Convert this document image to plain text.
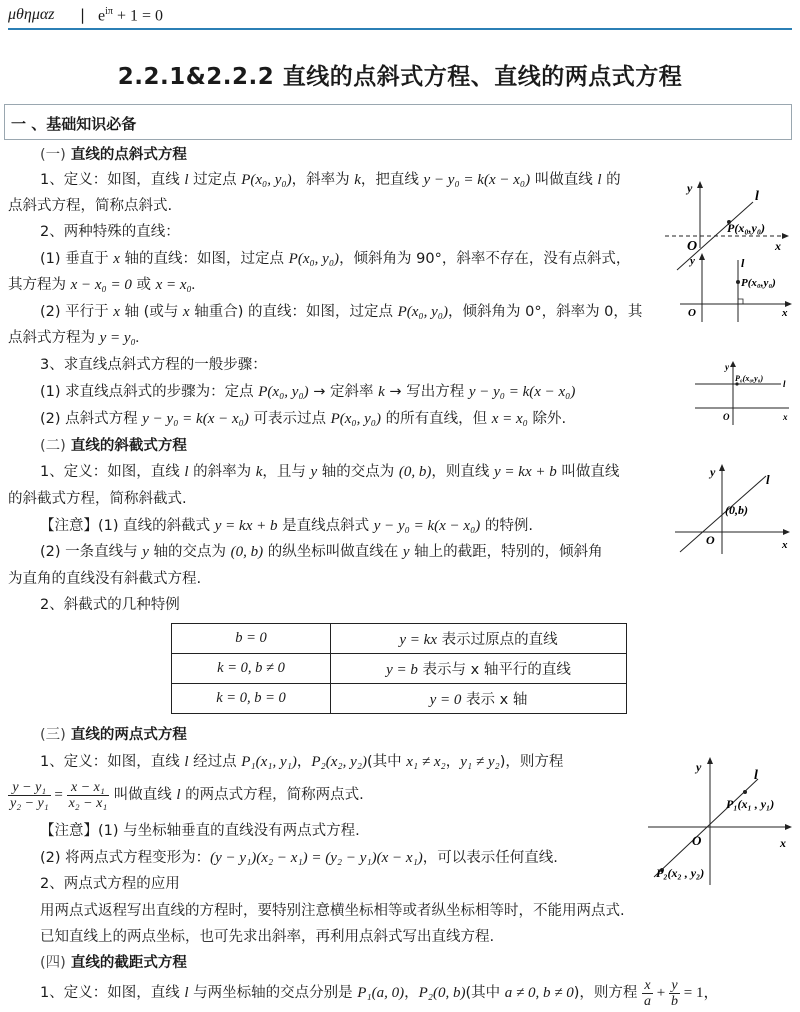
μθημαz | $e^{i\pi} + 1 = 0$
2.2.1&2.2.2 直线的点斜式方程、直线的两点式方程
一 、基础知识必备
(一) 直线的点斜式方程
1、定义：如图，直线 l 过定点 P(x₀, y₀)，斜率为 k，把直线 y − y₀ = k(x − x₀) 叫做直线 l 的
点斜式方程，简称点斜式.
2、两种特殊的直线：
(1) 垂直于 x 轴的直线：如图，过定点 P(x₀, y₀)，倾斜角为 90°，斜率不存在，没有点斜式，
其方程为 x − x₀ = 0 或 x = x₀.
(2) 平行于 x 轴 (或与 x 轴重合) 的直线：如图，过定点 P(x₀, y₀)，倾斜角为 0°，斜率为 0，其
点斜式方程为 y = y₀.
3、求直线点斜式方程的一般步骤：
(1) 求直线点斜式的步骤为：定点 P(x₀, y₀) → 定斜率 k → 写出方程 y − y₀ = k(x − x₀)
(2) 点斜式方程 y − y₀ = k(x − x₀) 可表示过点 P(x₀, y₀) 的所有直线，但 x = x₀ 除外.
(二) 直线的斜截式方程
1、定义：如图，直线 l 的斜率为 k，且与 y 轴的交点为 (0, b)，则直线 y = kx + b 叫做直线
的斜截式方程，简称斜截式.
【注意】(1) 直线的斜截式 y = kx + b 是直线点斜式 y − y₀ = k(x − x₀) 的特例.
(2) 一条直线与 y 轴的交点为 (0, b) 的纵坐标叫做直线在 y 轴上的截距，特别的，倾斜角
为直角的直线没有斜截式方程.
2、斜截式的几种特例
b = 0	y = kx 表示过原点的直线
k = 0, b ≠ 0	y = b 表示与 x 轴平行的直线
k = 0, b = 0	y = 0 表示 x 轴
(三) 直线的两点式方程
1、定义：如图，直线 l 经过点 P₁(x₁, y₁)，P₂(x₂, y₂)(其中 x₁ ≠ x₂，y₁ ≠ y₂)，则方程
$\frac{\text{y − y₁}}{\text{y₂ − y₁}} = \frac{\text{x − x₁}}{\text{x₂ − x₁}}$ 叫做直线 l 的两点式方程，简称两点式.
【注意】(1) 与坐标轴垂直的直线没有两点式方程.
(2) 将两点式方程变形为：(y − y₁)(x₂ − x₁) = (y₂ − y₁)(x − x₁)，可以表示任何直线.
2、两点式方程的应用
用两点式返程写出直线的方程时，要特别注意横坐标相等或者纵坐标相等时，不能用两点式.
已知直线上的两点坐标，也可先求出斜率，再利用点斜式写出直线方程.
(四) 直线的截距式方程
1、定义：如图，直线 l 与两坐标轴的交点分别是 P₁(a, 0)，P₂(0, b)(其中 a ≠ 0, b ≠ 0)，则方程 $\frac{x}{a} + \frac{y}{b} = 1$，
y
l
P(x₀,y₀)
O	x
y	l
P(x₀,y₀)
O	x
y
P₀(x₀,y₀)
l
O	x
y	l
(0,b)
O	x
y
l
P₁(x₁ , y₁)
O	x
P₂(x₂ , y₂)
